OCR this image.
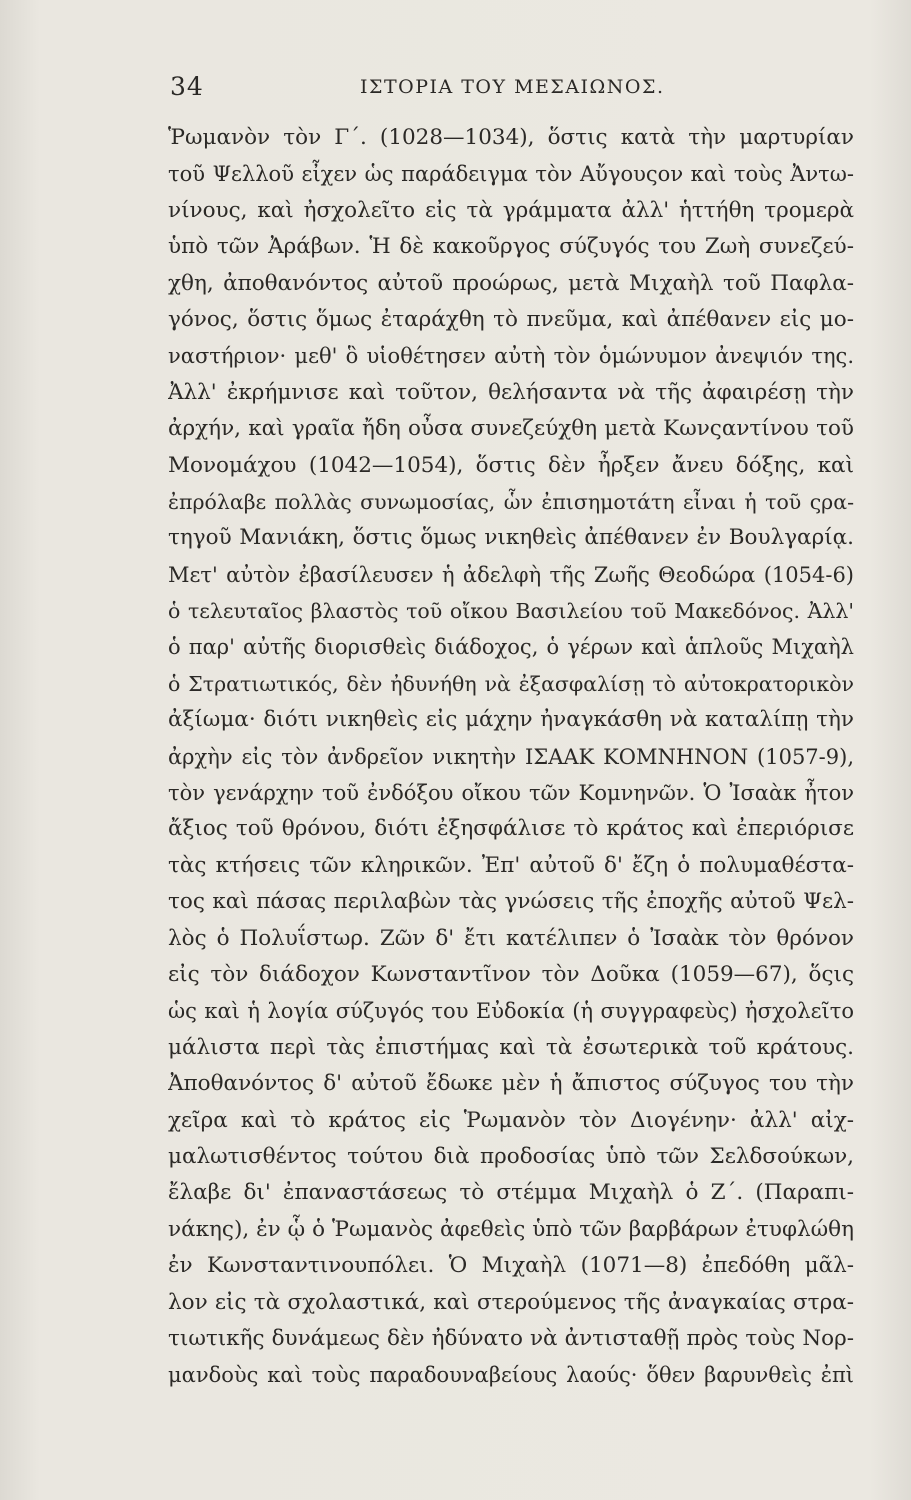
34	ΙΣΤΟΡΙΑ ΤΟΥ ΜΕΣΑΙΩΝΟΣ.
Ῥωμανὸν τὸν Γ΄. (1028—1034), ὅστις κατὰ τὴν μαρτυρίαν
τοῦ Ψελλοῦ εἶχεν ὡς παράδειγμα τὸν Αὔγουςον καὶ τοὺς Ἀντω-
νίνους, καὶ ἠσχολεῖτο εἰς τὰ γράμματα ἀλλ' ἡττήθη τρομερὰ
ὑπὸ τῶν Ἀράβων. Ἡ δὲ κακοῦργος σύζυγός του Ζωὴ συνεζεύ-
χθη, ἀποθανόντος αὐτοῦ προώρως, μετὰ Μιχαὴλ τοῦ Παφλα-
γόνος, ὅστις ὅμως ἐταράχθη τὸ πνεῦμα, καὶ ἀπέθανεν εἰς μο-
ναστήριον· μεθ' ὃ υἱοθέτησεν αὐτὴ τὸν ὁμώνυμον ἀνεψιόν της.
Ἀλλ' ἐκρήμνισε καὶ τοῦτον, θελήσαντα νὰ τῆς ἀφαιρέσῃ τὴν
ἀρχήν, καὶ γραῖα ἤδη οὖσα συνεζεύχθη μετὰ Κωνςαντίνου τοῦ
Μονομάχου (1042—1054), ὅστις δὲν ἦρξεν ἄνευ δόξης, καὶ
ἐπρόλαβε πολλὰς συνωμοσίας, ὧν ἐπισημοτάτη εἶναι ἡ τοῦ ςρα-
τηγοῦ Μανιάκη, ὅστις ὅμως νικηθεὶς ἀπέθανεν ἐν Βουλγαρίᾳ.
Μετ' αὐτὸν ἐβασίλευσεν ἡ ἀδελφὴ τῆς Ζωῆς Θεοδώρα (1054-6)
ὁ τελευταῖος βλαστὸς τοῦ οἴκου Βασιλείου τοῦ Μακεδόνος. Ἀλλ'
ὁ παρ' αὐτῆς διορισθεὶς διάδοχος, ὁ γέρων καὶ ἁπλοῦς Μιχαὴλ
ὁ Στρατιωτικός, δὲν ἠδυνήθη νὰ ἐξασφαλίσῃ τὸ αὐτοκρατορικὸν
ἀξίωμα· διότι νικηθεὶς εἰς μάχην ἠναγκάσθη νὰ καταλίπῃ τὴν
ἀρχὴν εἰς τὸν ἀνδρεῖον νικητὴν ΙΣΑΑΚ ΚΟΜΝΗΝΟΝ (1057-9),
τὸν γενάρχην τοῦ ἐνδόξου οἴκου τῶν Κομνηνῶν. Ὁ Ἰσαὰκ ἦτον
ἄξιος τοῦ θρόνου, διότι ἐξησφάλισε τὸ κράτος καὶ ἐπεριόρισε
τὰς κτήσεις τῶν κληρικῶν. Ἐπ' αὐτοῦ δ' ἔζη ὁ πολυμαθέστα-
τος καὶ πάσας περιλαβὼν τὰς γνώσεις τῆς ἐποχῆς αὐτοῦ Ψελ-
λὸς ὁ Πολυΐστωρ. Ζῶν δ' ἔτι κατέλιπεν ὁ Ἰσαὰκ τὸν θρόνον
εἰς τὸν διάδοχον Κωνσταντῖνον τὸν Δοῦκα (1059—67), ὅςις
ὡς καὶ ἡ λογία σύζυγός του Εὐδοκία (ἡ συγγραφεὺς) ἠσχολεῖτο
μάλιστα περὶ τὰς ἐπιστήμας καὶ τὰ ἐσωτερικὰ τοῦ κράτους.
Ἀποθανόντος δ' αὐτοῦ ἔδωκε μὲν ἡ ἄπιστος σύζυγος του τὴν
χεῖρα καὶ τὸ κράτος εἰς Ῥωμανὸν τὸν Διογένην· ἀλλ' αἰχ-
μαλωτισθέντος τούτου διὰ προδοσίας ὑπὸ τῶν Σελδσούκων,
ἔλαβε δι' ἐπαναστάσεως τὸ στέμμα Μιχαὴλ ὁ Ζ΄. (Παραπι-
νάκης), ἐν ᾧ ὁ Ῥωμανὸς ἀφεθεὶς ὑπὸ τῶν βαρβάρων ἐτυφλώθη
ἐν Κωνσταντινουπόλει. Ὁ Μιχαὴλ (1071—8) ἐπεδόθη μᾶλ-
λον εἰς τὰ σχολαστικά, καὶ στερούμενος τῆς ἀναγκαίας στρα-
τιωτικῆς δυνάμεως δὲν ἠδύνατο νὰ ἀντισταθῇ πρὸς τοὺς Νορ-
μανδοὺς καὶ τοὺς παραδουναβείους λαούς· ὅθεν βαρυνθεὶς ἐπὶ
